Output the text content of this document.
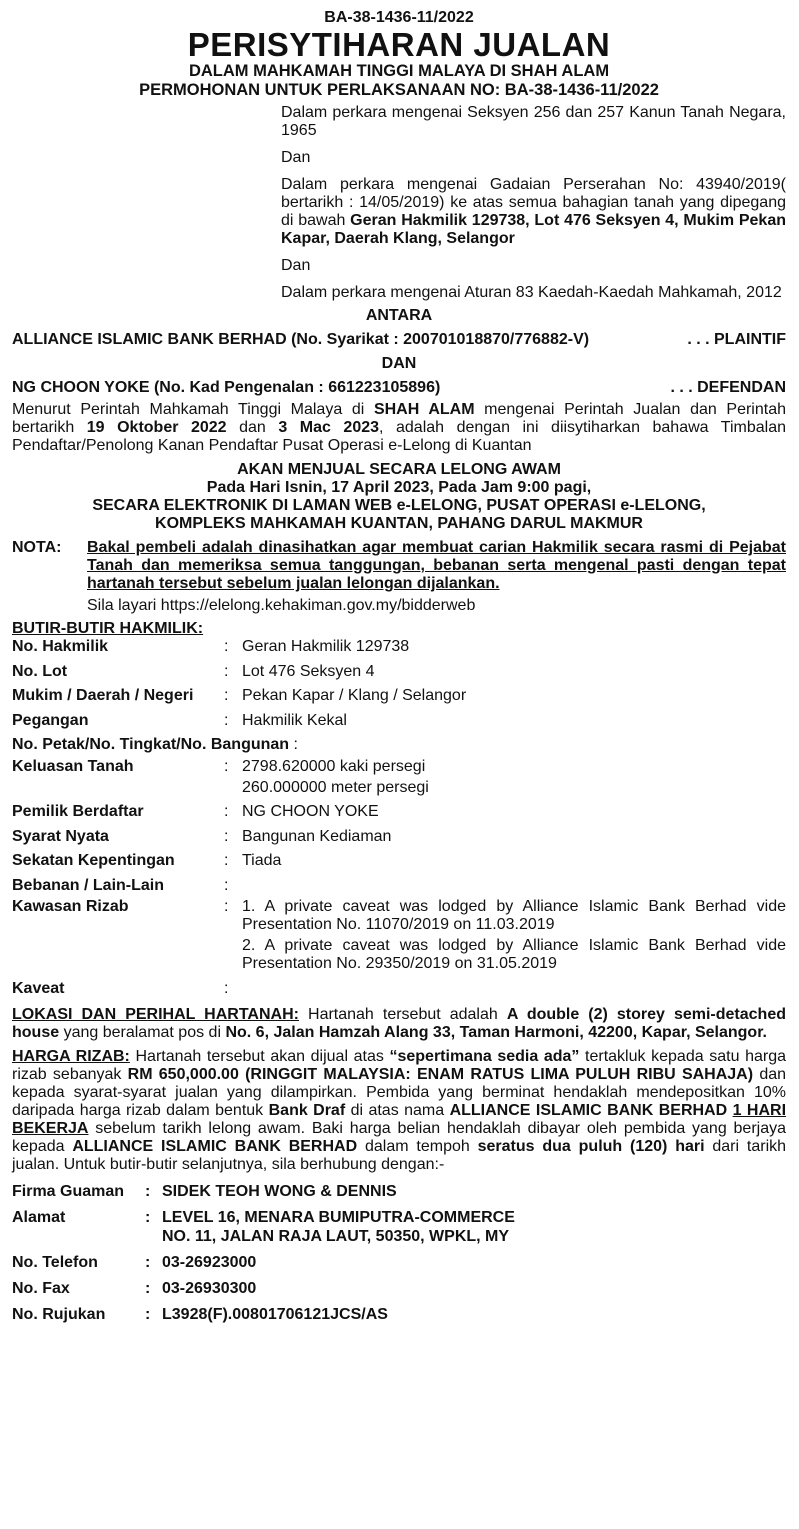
BA-38-1436-11/2022
PERISYTIHARAN JUALAN
DALAM MAHKAMAH TINGGI MALAYA DI SHAH ALAM
PERMOHONAN UNTUK PERLAKSANAAN NO: BA-38-1436-11/2022

Dalam perkara mengenai Seksyen 256 dan 257 Kanun Tanah Negara, 1965

Dan

Dalam perkara mengenai Gadaian Perserahan No: 43940/2019( bertarikh : 14/05/2019) ke atas semua bahagian tanah yang dipegang di bawah Geran Hakmilik 129738, Lot 476 Seksyen 4, Mukim Pekan Kapar, Daerah Klang, Selangor

Dan

Dalam perkara mengenai Aturan 83 Kaedah-Kaedah Mahkamah, 2012

ANTARA
ALLIANCE ISLAMIC BANK BERHAD (No. Syarikat : 200701018870/776882-V)	. . . PLAINTIF
DAN
NG CHOON YOKE (No. Kad Pengenalan : 661223105896)	. . . DEFENDAN
Menurut Perintah Mahkamah Tinggi Malaya di SHAH ALAM mengenai Perintah Jualan dan Perintah bertarikh 19 Oktober 2022 dan 3 Mac 2023, adalah dengan ini diisytiharkan bahawa Timbalan Pendaftar/Penolong Kanan Pendaftar Pusat Operasi e-Lelong di Kuantan
AKAN MENJUAL SECARA LELONG AWAM
Pada Hari Isnin, 17 April 2023, Pada Jam 9:00 pagi,
SECARA ELEKTRONIK DI LAMAN WEB e-LELONG, PUSAT OPERASI e-LELONG,
KOMPLEKS MAHKAMAH KUANTAN, PAHANG DARUL MAKMUR
NOTA:	Bakal pembeli adalah dinasihatkan agar membuat carian Hakmilik secara rasmi di Pejabat Tanah dan memeriksa semua tanggungan, bebanan serta mengenal pasti dengan tepat hartanah tersebut sebelum jualan lelongan dijalankan.
Sila layari https://elelong.kehakiman.gov.my/bidderweb
BUTIR-BUTIR HAKMILIK:
No. Hakmilik	: Geran Hakmilik 129738
No. Lot	: Lot 476 Seksyen 4
Mukim / Daerah / Negeri	: Pekan Kapar / Klang / Selangor
Pegangan	: Hakmilik Kekal
No. Petak/No. Tingkat/No. Bangunan :
Keluasan Tanah	: 2798.620000 kaki persegi
260.000000 meter persegi
Pemilik Berdaftar	: NG CHOON YOKE
Syarat Nyata	: Bangunan Kediaman
Sekatan Kepentingan	: Tiada
Bebanan / Lain-Lain	:
Kawasan Rizab	: 1. A private caveat was lodged by Alliance Islamic Bank Berhad vide Presentation No. 11070/2019 on 11.03.2019
2. A private caveat was lodged by Alliance Islamic Bank Berhad vide Presentation No. 29350/2019 on 31.05.2019
Kaveat	:
LOKASI DAN PERIHAL HARTANAH: Hartanah tersebut adalah A double (2) storey semi-detached house yang beralamat pos di No. 6, Jalan Hamzah Alang 33, Taman Harmoni, 42200, Kapar, Selangor.
HARGA RIZAB: Hartanah tersebut akan dijual atas “sepertimana sedia ada” tertakluk kepada satu harga rizab sebanyak RM 650,000.00 (RINGGIT MALAYSIA: ENAM RATUS LIMA PULUH RIBU SAHAJA) dan kepada syarat-syarat jualan yang dilampirkan. Pembida yang berminat hendaklah mendepositkan 10% daripada harga rizab dalam bentuk Bank Draf di atas nama ALLIANCE ISLAMIC BANK BERHAD 1 HARI BEKERJA sebelum tarikh lelong awam. Baki harga belian hendaklah dibayar oleh pembida yang berjaya kepada ALLIANCE ISLAMIC BANK BERHAD dalam tempoh seratus dua puluh (120) hari dari tarikh jualan. Untuk butir-butir selanjutnya, sila berhubung dengan:-
Firma Guaman	: SIDEK TEOH WONG & DENNIS
Alamat	: LEVEL 16, MENARA BUMIPUTRA-COMMERCE
NO. 11, JALAN RAJA LAUT, 50350, WPKL, MY
No. Telefon	: 03-26923000
No. Fax	: 03-26930300
No. Rujukan	: L3928(F).00801706121JCS/AS
